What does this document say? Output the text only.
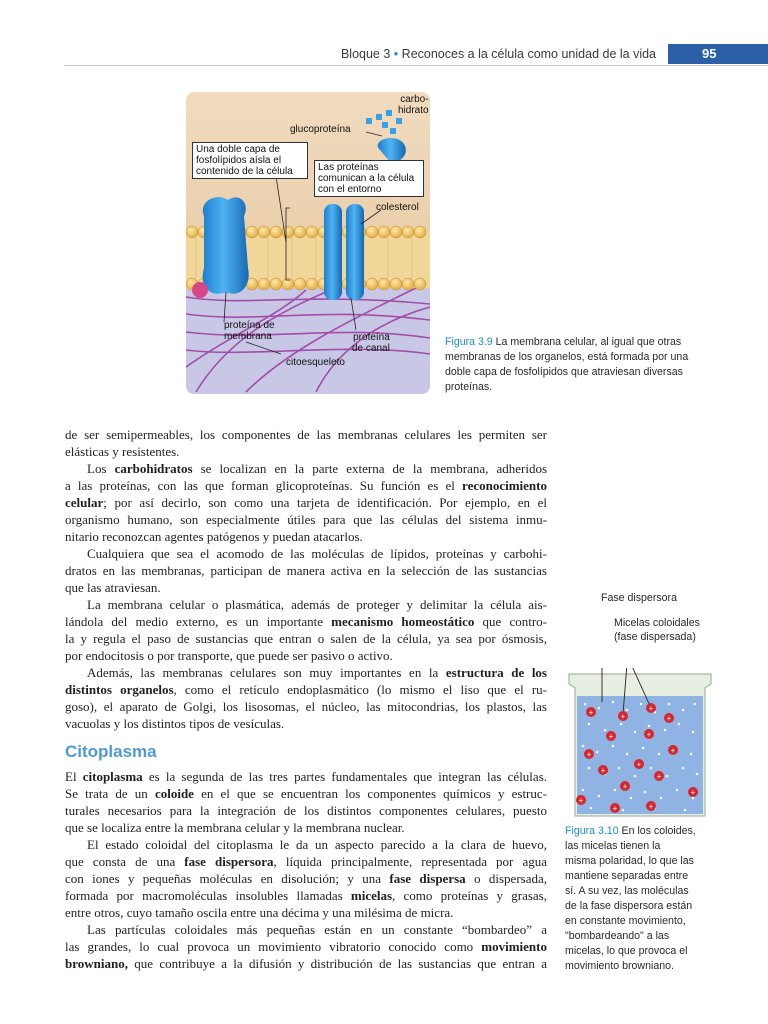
Bloque 3 • Reconoces a la célula como unidad de la vida	95
carbo-
hidrato
glucoproteína
Una doble capa de
fosfolípidos aísla el
contenido de la célula	Las proteínas
comunican a la célula
con el entorno
colesterol
proteína de
membrana	proteína
de canal
citoesqueleto
Figura 3.9 La membrana celular, al igual que otras
membranas de los organelos, está formada por una
doble capa de fosfolípidos que atraviesan diversas
proteínas.
de ser semipermeables, los componentes de las membranas celulares les permiten ser
elásticas y resistentes.
Los carbohidratos se localizan en la parte externa de la membrana, adheridos
a las proteínas, con las que forman glicoproteínas. Su función es el reconocimiento
celular; por así decirlo, son como una tarjeta de identificación. Por ejemplo, en el
organismo humano, son especialmente útiles para que las células del sistema inmu-
nitario reconozcan agentes patógenos y puedan atacarlos.
Cualquiera que sea el acomodo de las moléculas de lípidos, proteínas y carbohi-
dratos en las membranas, participan de manera activa en la selección de las sustancias
que las atraviesan.
La membrana celular o plasmática, además de proteger y delimitar la célula ais-
lándola del medio externo, es un importante mecanismo homeostático que contro-
la y regula el paso de sustancias que entran o salen de la célula, ya sea por ósmosis,
por endocitosis o por transporte, que puede ser pasivo o activo.
Además, las membranas celulares son muy importantes en la estructura de los
distintos organelos, como el retículo endoplasmático (lo mismo el liso que el ru-
goso), el aparato de Golgi, los lisosomas, el núcleo, las mitocondrias, los plastos, las
vacuolas y los distintos tipos de vesículas.
Citoplasma
El citoplasma es la segunda de las tres partes fundamentales que integran las células.
Se trata de un coloide en el que se encuentran los componentes químicos y estruc-
turales necesarios para la integración de los distintos componentes celulares, puesto
que se localiza entre la membrana celular y la membrana nuclear.
El estado coloidal del citoplasma le da un aspecto parecido a la clara de huevo,
que consta de una fase dispersora, líquida principalmente, representada por agua
con iones y pequeñas moléculas en disolución; y una fase dispersa o dispersada,
formada por macromoléculas insolubles llamadas micelas, como proteínas y grasas,
entre otros, cuyo tamaño oscila entre una décima y una milésima de micra.
Las partículas coloidales más pequeñas están en un constante “bombardeo” a
las grandes, lo cual provoca un movimiento vibratorio conocido como movimiento
browniano, que contribuye a la difusión y distribución de las sustancias que entran a
Fase dispersora
Micelas coloidales
(fase dispersada)
+	+
+
+
+	+
+	+
+
+
+
+
+
+
+	+
Figura 3.10 En los coloides,
las micelas tienen la
misma polaridad, lo que las
mantiene separadas entre
sí. A su vez, las moléculas
de la fase dispersora están
en constante movimiento,
"bombardeando" a las
micelas, lo que provoca el
movimiento browniano.
